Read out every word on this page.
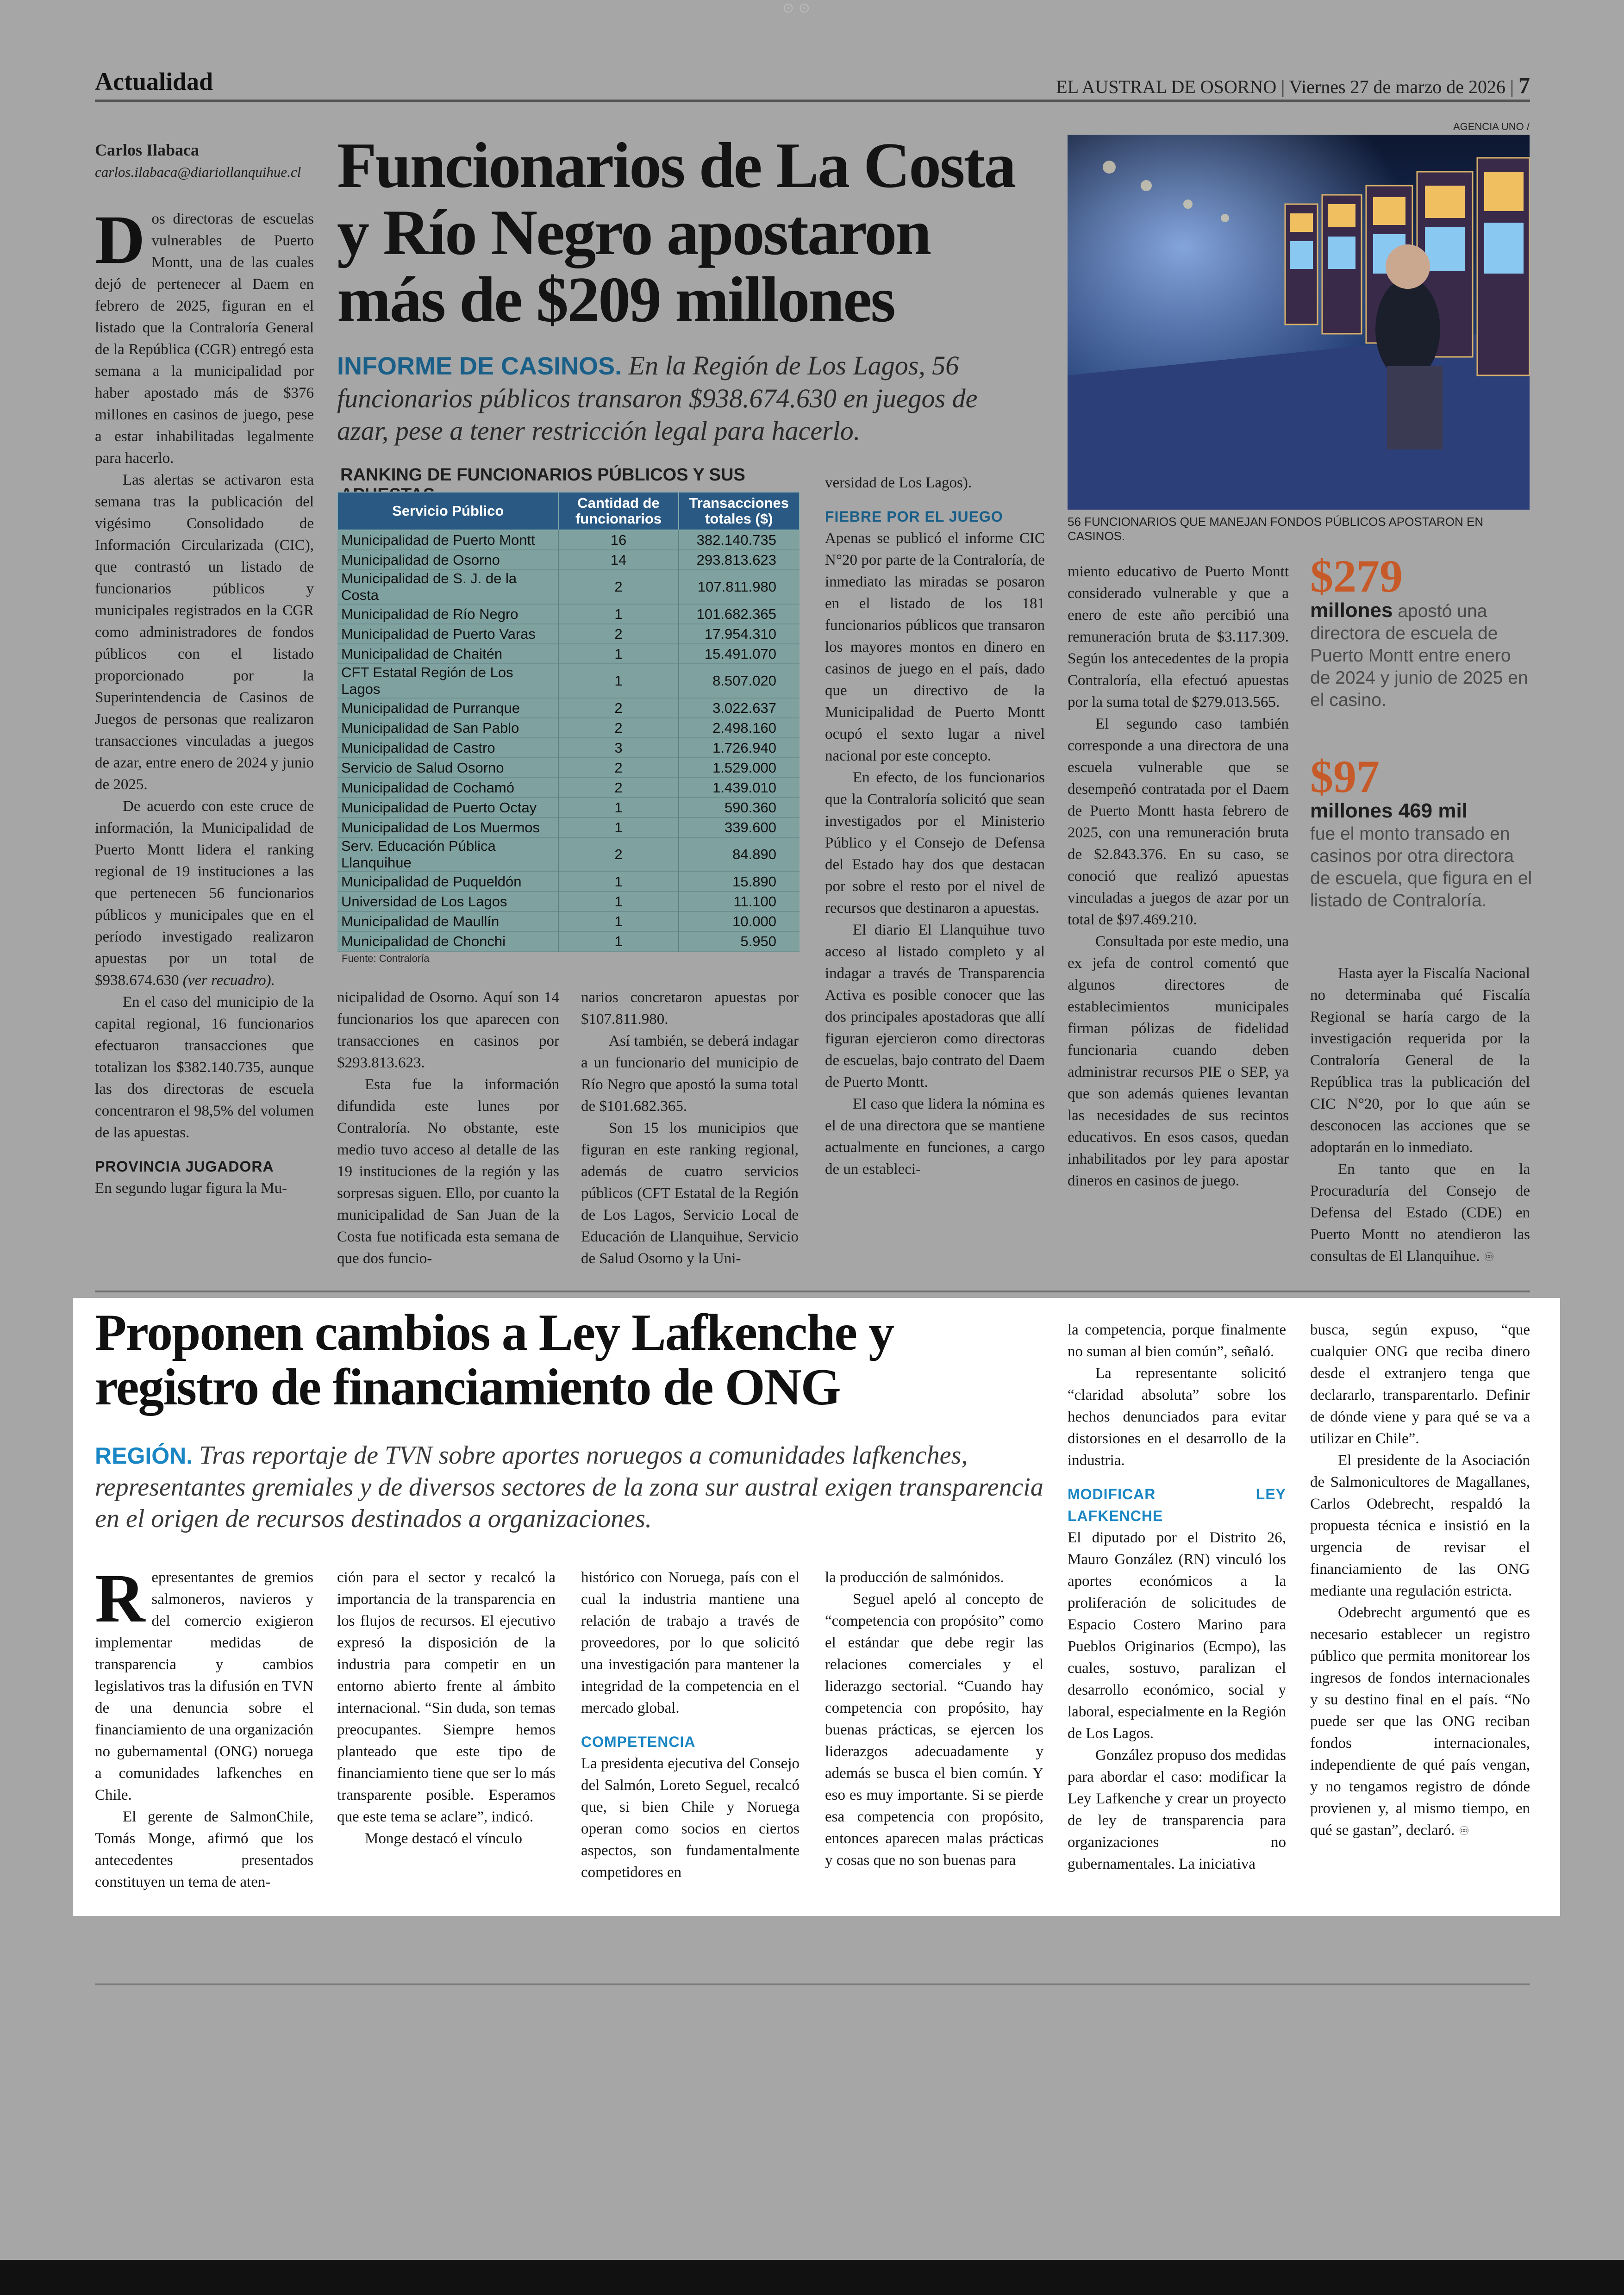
⊙ ⊙
Actualidad	EL AUSTRAL DE OSORNO | Viernes 27 de marzo de 2026 | 7
Carlos Ilabaca
carlos.ilabaca@diariollanquihue.cl Funcionarios de La Costa y Río Negro apostaron más de $209 millones
INFORME DE CASINOS. En la Región de Los Lagos, 56 funcionarios públicos transaron $938.674.630 en juegos de azar, pese a tener restricción legal para hacerlo.

Dos directoras de escuelas vulnerables de Puerto Montt, una de las cuales dejó de pertenecer al Daem en febrero de 2025, figuran en el listado que la Contraloría General de la República (CGR) entregó esta semana a la municipalidad por haber apostado más de $376 millones en casinos de juego, pese a estar inhabilitadas legalmente para hacerlo.

Las alertas se activaron esta semana tras la publicación del vigésimo Consolidado de Información Circularizada (CIC), que contrastó un listado de funcionarios públicos y municipales registrados en la CGR como administradores de fondos públicos con el listado proporcionado por la Superintendencia de Casinos de Juegos de personas que realizaron transacciones vinculadas a juegos de azar, entre enero de 2024 y junio de 2025.

De acuerdo con este cruce de información, la Municipalidad de Puerto Montt lidera el ranking regional de 19 instituciones a las que pertenecen 56 funcionarios públicos y municipales que en el período investigado realizaron apuestas por un total de $938.674.630 (ver recuadro).

En el caso del municipio de la capital regional, 16 funcionarios efectuaron transacciones que totalizan los $382.140.735, aunque las dos directoras de escuela concentraron el 98,5% del volumen de las apuestas.

PROVINCIA JUGADORA

En segundo lugar figura la Mu-

nicipalidad de Osorno. Aquí son 14 funcionarios los que aparecen con transacciones en casinos por $293.813.623.

Esta fue la información difundida este lunes por Contraloría. No obstante, este medio tuvo acceso al detalle de las 19 instituciones de la región y las sorpresas siguen. Ello, por cuanto la municipalidad de San Juan de la Costa fue notificada esta semana de que dos funcio-

narios concretaron apuestas por $107.811.980.

Así también, se deberá indagar a un funcionario del municipio de Río Negro que apostó la suma total de $101.682.365.

Son 15 los municipios que figuran en este ranking regional, además de cuatro servicios públicos (CFT Estatal de la Región de Los Lagos, Servicio Local de Educación de Llanquihue, Servicio de Salud Osorno y la Uni-

versidad de Los Lagos).

FIEBRE POR EL JUEGO

Apenas se publicó el informe CIC N°20 por parte de la Contraloría, de inmediato las miradas se posaron en el listado de los 181 funcionarios públicos que transaron los mayores montos en dinero en casinos de juego en el país, dado que un directivo de la Municipalidad de Puerto Montt ocupó el sexto lugar a nivel nacional por este concepto.

En efecto, de los funcionarios que la Contraloría solicitó que sean investigados por el Ministerio Público y el Consejo de Defensa del Estado hay dos que destacan por sobre el resto por el nivel de recursos que destinaron a apuestas.

El diario El Llanquihue tuvo acceso al listado completo y al indagar a través de Transparencia Activa es posible conocer que las dos principales apostadoras que allí figuran ejercieron como directoras de escuelas, bajo contrato del Daem de Puerto Montt.

El caso que lidera la nómina es el de una directora que se mantiene actualmente en funciones, a cargo de un estableci-

miento educativo de Puerto Montt considerado vulnerable y que a enero de este año percibió una remuneración bruta de $3.117.309. Según los antecedentes de la propia Contraloría, ella efectuó apuestas por la suma total de $279.013.565.

El segundo caso también corresponde a una directora de una escuela vulnerable que se desempeñó contratada por el Daem de Puerto Montt hasta febrero de 2025, con una remuneración bruta de $2.843.376. En su caso, se conoció que realizó apuestas vinculadas a juegos de azar por un total de $97.469.210.

Consultada por este medio, una ex jefa de control comentó que algunos directores de establecimientos municipales firman pólizas de fidelidad funcionaria cuando deben administrar recursos PIE o SEP, ya que son además quienes levantan las necesidades de sus recintos educativos. En esos casos, quedan inhabilitados por ley para apostar dineros en casinos de juego.

Hasta ayer la Fiscalía Nacional no determinaba qué Fiscalía Regional se haría cargo de la investigación requerida por la Contraloría General de la República tras la publicación del CIC N°20, por lo que aún se desconocen las acciones que se adoptarán en lo inmediato.

En tanto que en la Procuraduría del Consejo de Defensa del Estado (CDE) en Puerto Montt no atendieron las consultas de El Llanquihue. ♾

RANKING DE FUNCIONARIOS PÚBLICOS Y SUS
Servicio Público	Cantidad de funcionarios	Transacciones totales ($)
Municipalidad de Puerto Montt	16	382.140.735
Municipalidad de Osorno	14	293.813.623
Municipalidad de S. J. de la Costa	2	107.811.980
Municipalidad de Río Negro	1	101.682.365
Municipalidad de Puerto Varas	2	17.954.310
Municipalidad de Chaitén	1	15.491.070
CFT Estatal Región de Los Lagos	1	8.507.020
Municipalidad de Purranque	2	3.022.637
Municipalidad de San Pablo	2	2.498.160
Municipalidad de Castro	3	1.726.940
Servicio de Salud Osorno	2	1.529.000
Municipalidad de Cochamó	2	1.439.010
Municipalidad de Puerto Octay	1	590.360
Municipalidad de Los Muermos	1	339.600
Serv. Educación Pública Llanquihue	2	84.890
Municipalidad de Puqueldón	1	15.890
Universidad de Los Lagos	1	11.100
Municipalidad de Maullín	1	10.000
Municipalidad de Chonchi	1	5.950
Fuente: Contraloría
AGENCIA UNO /
56 FUNCIONARIOS QUE MANEJAN FONDOS PÚBLICOS APOSTARON EN CASINOS.
$279
millones apostó una directora de escuela de Puerto Montt entre enero de 2024 y junio de 2025 en el casino.
$97
millones 469 mil
fue el monto transado en casinos por otra directora de escuela, que figura en el listado de Contraloría.
Proponen cambios a Ley Lafkenche y registro de financiamiento de ONG
REGIÓN. Tras reportaje de TVN sobre aportes noruegos a comunidades lafkenches, representantes gremiales y de diversos sectores de la zona sur austral exigen transparencia en el origen de recursos destinados a organizaciones.

Representantes de gremios salmoneros, navieros y del comercio exigieron implementar medidas de transparencia y cambios legislativos tras la difusión en TVN de una denuncia sobre el financiamiento de una organización no gubernamental (ONG) noruega a comunidades lafkenches en Chile.

El gerente de SalmonChile, Tomás Monge, afirmó que los antecedentes presentados constituyen un tema de aten-

ción para el sector y recalcó la importancia de la transparencia en los flujos de recursos. El ejecutivo expresó la disposición de la industria para competir en un entorno abierto frente al ámbito internacional. “Sin duda, son temas preocupantes. Siempre hemos planteado que este tipo de financiamiento tiene que ser lo más transparente posible. Esperamos que este tema se aclare”, indicó.

Monge destacó el vínculo

histórico con Noruega, país con el cual la industria mantiene una relación de trabajo a través de proveedores, por lo que solicitó una investigación para mantener la integridad de la competencia en el mercado global.

COMPETENCIA

La presidenta ejecutiva del Consejo del Salmón, Loreto Seguel, recalcó que, si bien Chile y Noruega operan como socios en ciertos aspectos, son fundamentalmente competidores en

la producción de salmónidos.

Seguel apeló al concepto de “competencia con propósito” como el estándar que debe regir las relaciones comerciales y el liderazgo sectorial. “Cuando hay competencia con propósito, hay buenas prácticas, se ejercen los liderazgos adecuadamente y además se busca el bien común. Y eso es muy importante. Si se pierde esa competencia con propósito, entonces aparecen malas prácticas y cosas que no son buenas para

la competencia, porque finalmente no suman al bien común”, señaló.

La representante solicitó “claridad absoluta” sobre los hechos denunciados para evitar distorsiones en el desarrollo de la industria.

MODIFICAR LEY LAFKENCHE

El diputado por el Distrito 26, Mauro González (RN) vinculó los aportes económicos a la proliferación de solicitudes de Espacio Costero Marino para Pueblos Originarios (Ecmpo), las cuales, sostuvo, paralizan el desarrollo económico, social y laboral, especialmente en la Región de Los Lagos.

González propuso dos medidas para abordar el caso: modificar la Ley Lafkenche y crear un proyecto de ley de transparencia para organizaciones no gubernamentales. La iniciativa

busca, según expuso, “que cualquier ONG que reciba dinero desde el extranjero tenga que declararlo, transparentarlo. Definir de dónde viene y para qué se va a utilizar en Chile”.

El presidente de la Asociación de Salmonicultores de Magallanes, Carlos Odebrecht, respaldó la propuesta técnica e insistió en la urgencia de revisar el financiamiento de las ONG mediante una regulación estricta.

Odebrecht argumentó que es necesario establecer un registro público que permita monitorear los ingresos de fondos internacionales y su destino final en el país. “No puede ser que las ONG reciban fondos internacionales, independiente de qué país vengan, y no tengamos registro de dónde provienen y, al mismo tiempo, en qué se gastan”, declaró. ♾
